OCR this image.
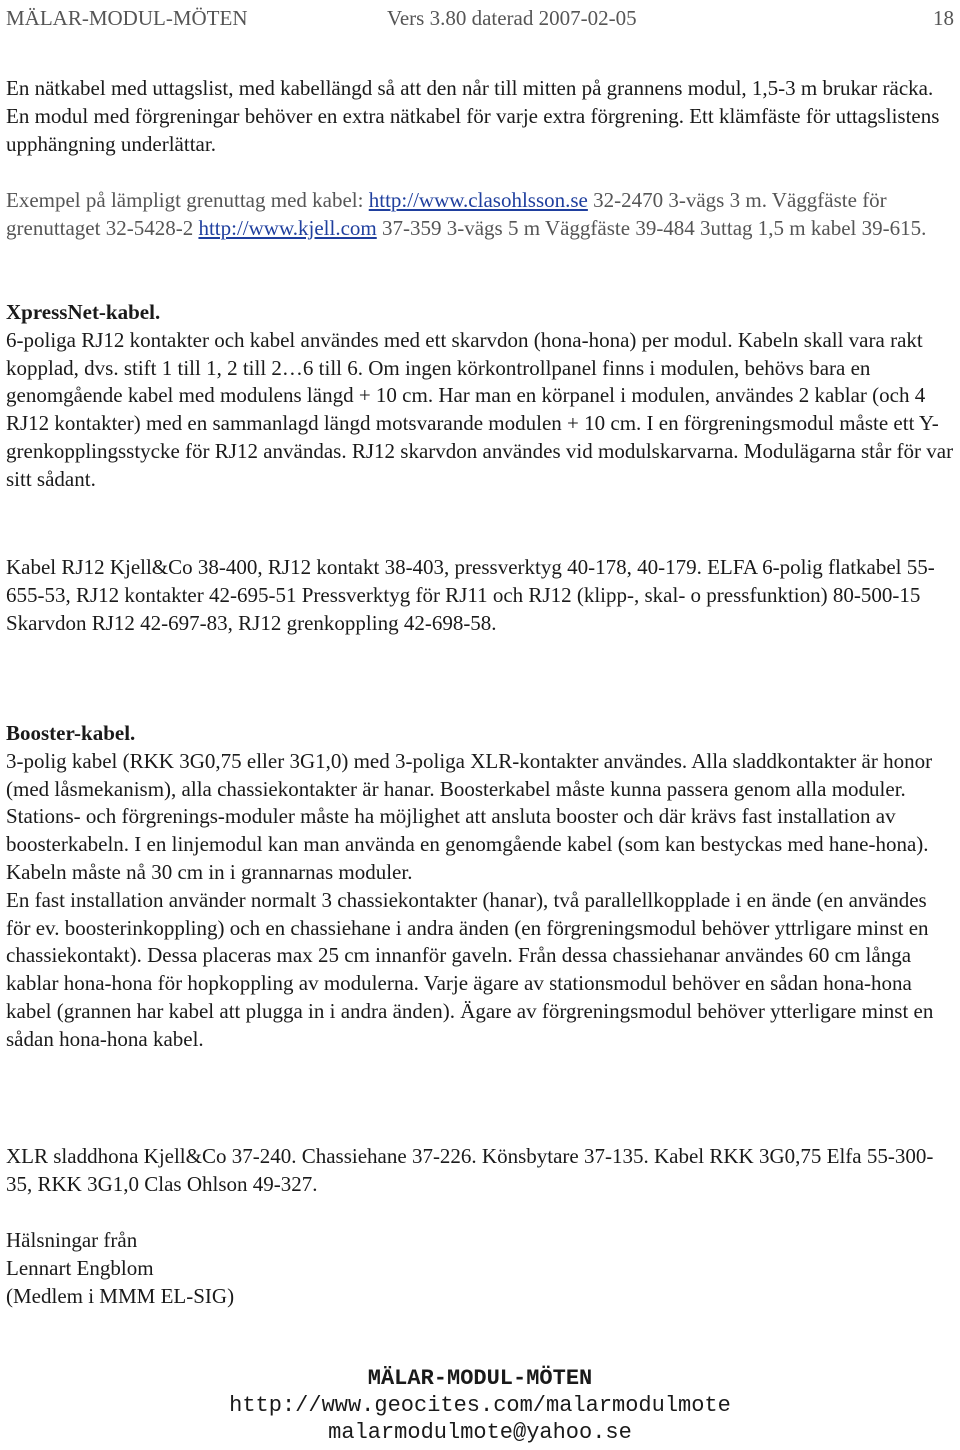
MÄLAR-MODUL-MÖTEN	Vers 3.80 daterad 2007-02-05	18

En nätkabel med uttagslist, med kabellängd så att den når till mitten på grannens modul, 1,5-3 m brukar räcka. En modul med förgreningar behöver en extra nätkabel för varje extra förgrening. Ett klämfäste för uttagslistens upphängning underlättar.

Exempel på lämpligt grenuttag med kabel: http://www.clasohlsson.se 32-2470 3-vägs 3 m. Väggfäste för grenuttaget 32-5428-2 http://www.kjell.com 37-359 3-vägs 5 m Väggfäste 39-484 3uttag 1,5 m kabel 39-615.

XpressNet-kabel.

6-poliga RJ12 kontakter och kabel användes med ett skarvdon (hona-hona) per modul. Kabeln skall vara rakt kopplad, dvs. stift 1 till 1, 2 till 2…6 till 6. Om ingen körkontrollpanel finns i modulen, behövs bara en genomgående kabel med modulens längd + 10 cm. Har man en körpanel i modulen, användes 2 kablar (och 4 RJ12 kontakter) med en sammanlagd längd motsvarande modulen + 10 cm. I en förgreningsmodul måste ett Y-grenkopplingsstycke för RJ12 användas. RJ12 skarvdon användes vid modulskarvarna. Modulägarna står för var sitt sådant.

Kabel RJ12 Kjell&Co 38-400, RJ12 kontakt 38-403, pressverktyg 40-178, 40-179. ELFA 6-polig flatkabel 55-655-53, RJ12 kontakter 42-695-51 Pressverktyg för RJ11 och RJ12 (klipp-, skal- o pressfunktion) 80-500-15 Skarvdon RJ12 42-697-83, RJ12 grenkoppling 42-698-58.

Booster-kabel.

3-polig kabel (RKK 3G0,75 eller 3G1,0) med 3-poliga XLR-kontakter användes. Alla sladdkontakter är honor (med låsmekanism), alla chassiekontakter är hanar. Boosterkabel måste kunna passera genom alla moduler. Stations- och förgrenings-moduler måste ha möjlighet att ansluta booster och där krävs fast installation av boosterkabeln. I en linjemodul kan man använda en genomgående kabel (som kan bestyckas med hane-hona). Kabeln måste nå 30 cm in i grannarnas moduler.

En fast installation använder normalt 3 chassiekontakter (hanar), två parallellkopplade i en ände (en användes för ev. boosterinkoppling) och en chassiehane i andra änden (en förgreningsmodul behöver yttrligare minst en chassiekontakt). Dessa placeras max 25 cm innanför gaveln. Från dessa chassiehanar användes 60 cm långa kablar hona-hona för hopkoppling av modulerna. Varje ägare av stationsmodul behöver en sådan hona-hona kabel (grannen har kabel att plugga in i andra änden). Ägare av förgreningsmodul behöver ytterligare minst en sådan hona-hona kabel.

XLR sladdhona Kjell&Co 37-240. Chassiehane 37-226. Könsbytare 37-135. Kabel RKK 3G0,75 Elfa 55-300-35, RKK 3G1,0 Clas Ohlson 49-327.

Hälsningar från

Lennart Engblom

(Medlem i MMM EL-SIG)

MÄLAR-MODUL-MÖTEN
http://www.geocites.com/malarmodulmote
malarmodulmote@yahoo.se
